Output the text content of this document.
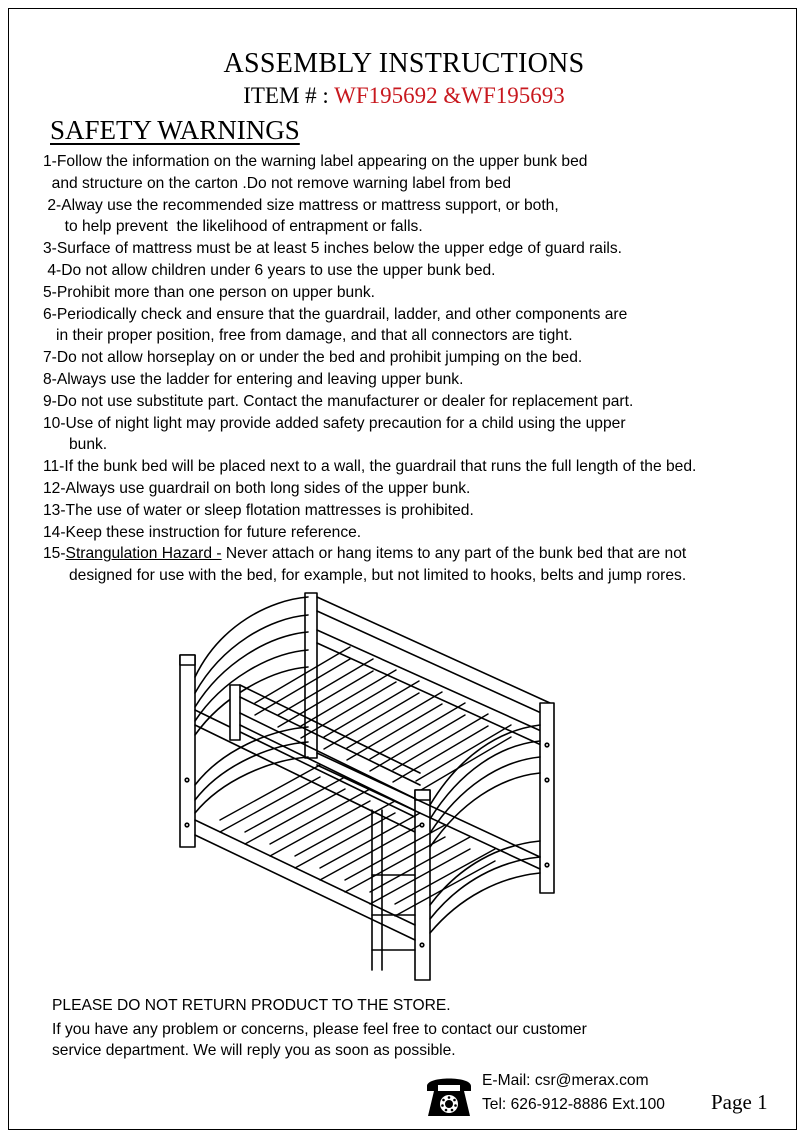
ASSEMBLY INSTRUCTIONS
ITEM # : WF195692 &WF195693
SAFETY WARNINGS
1-Follow the information on the warning label appearing on the upper bunk bed
and structure on the carton .Do not remove warning label from bed
2-Alway use the recommended size mattress or mattress support, or both,
to help prevent  the likelihood of entrapment or falls.
3-Surface of mattress must be at least 5 inches below the upper edge of guard rails.
4-Do not allow children under 6 years to use the upper bunk bed.
5-Prohibit more than one person on upper bunk.
6-Periodically check and ensure that the guardrail, ladder, and other components are
in their proper position, free from damage, and that all connectors are tight.
7-Do not allow horseplay on or under the bed and prohibit jumping on the bed.
8-Always use the ladder for entering and leaving upper bunk.
9-Do not use substitute part. Contact the manufacturer or dealer for replacement part.
10-Use of night light may provide added safety precaution for a child using the upper
bunk.
11-If the bunk bed will be placed next to a wall, the guardrail that runs the full length of the bed.
12-Always use guardrail on both long sides of the upper bunk.
13-The use of water or sleep flotation mattresses is prohibited.
14-Keep these instruction for future reference.
15-Strangulation Hazard - Never attach or hang items to any part of the bunk bed that are not
designed for use with the bed, for example, but not limited to hooks, belts and jump rores.
PLEASE DO NOT RETURN PRODUCT TO THE STORE.
If you have any problem or concerns, please feel free to contact our customer
service department. We will reply you as soon as possible.
E-Mail: csr@merax.com
Tel: 626-912-8886 Ext.100 Page 1
